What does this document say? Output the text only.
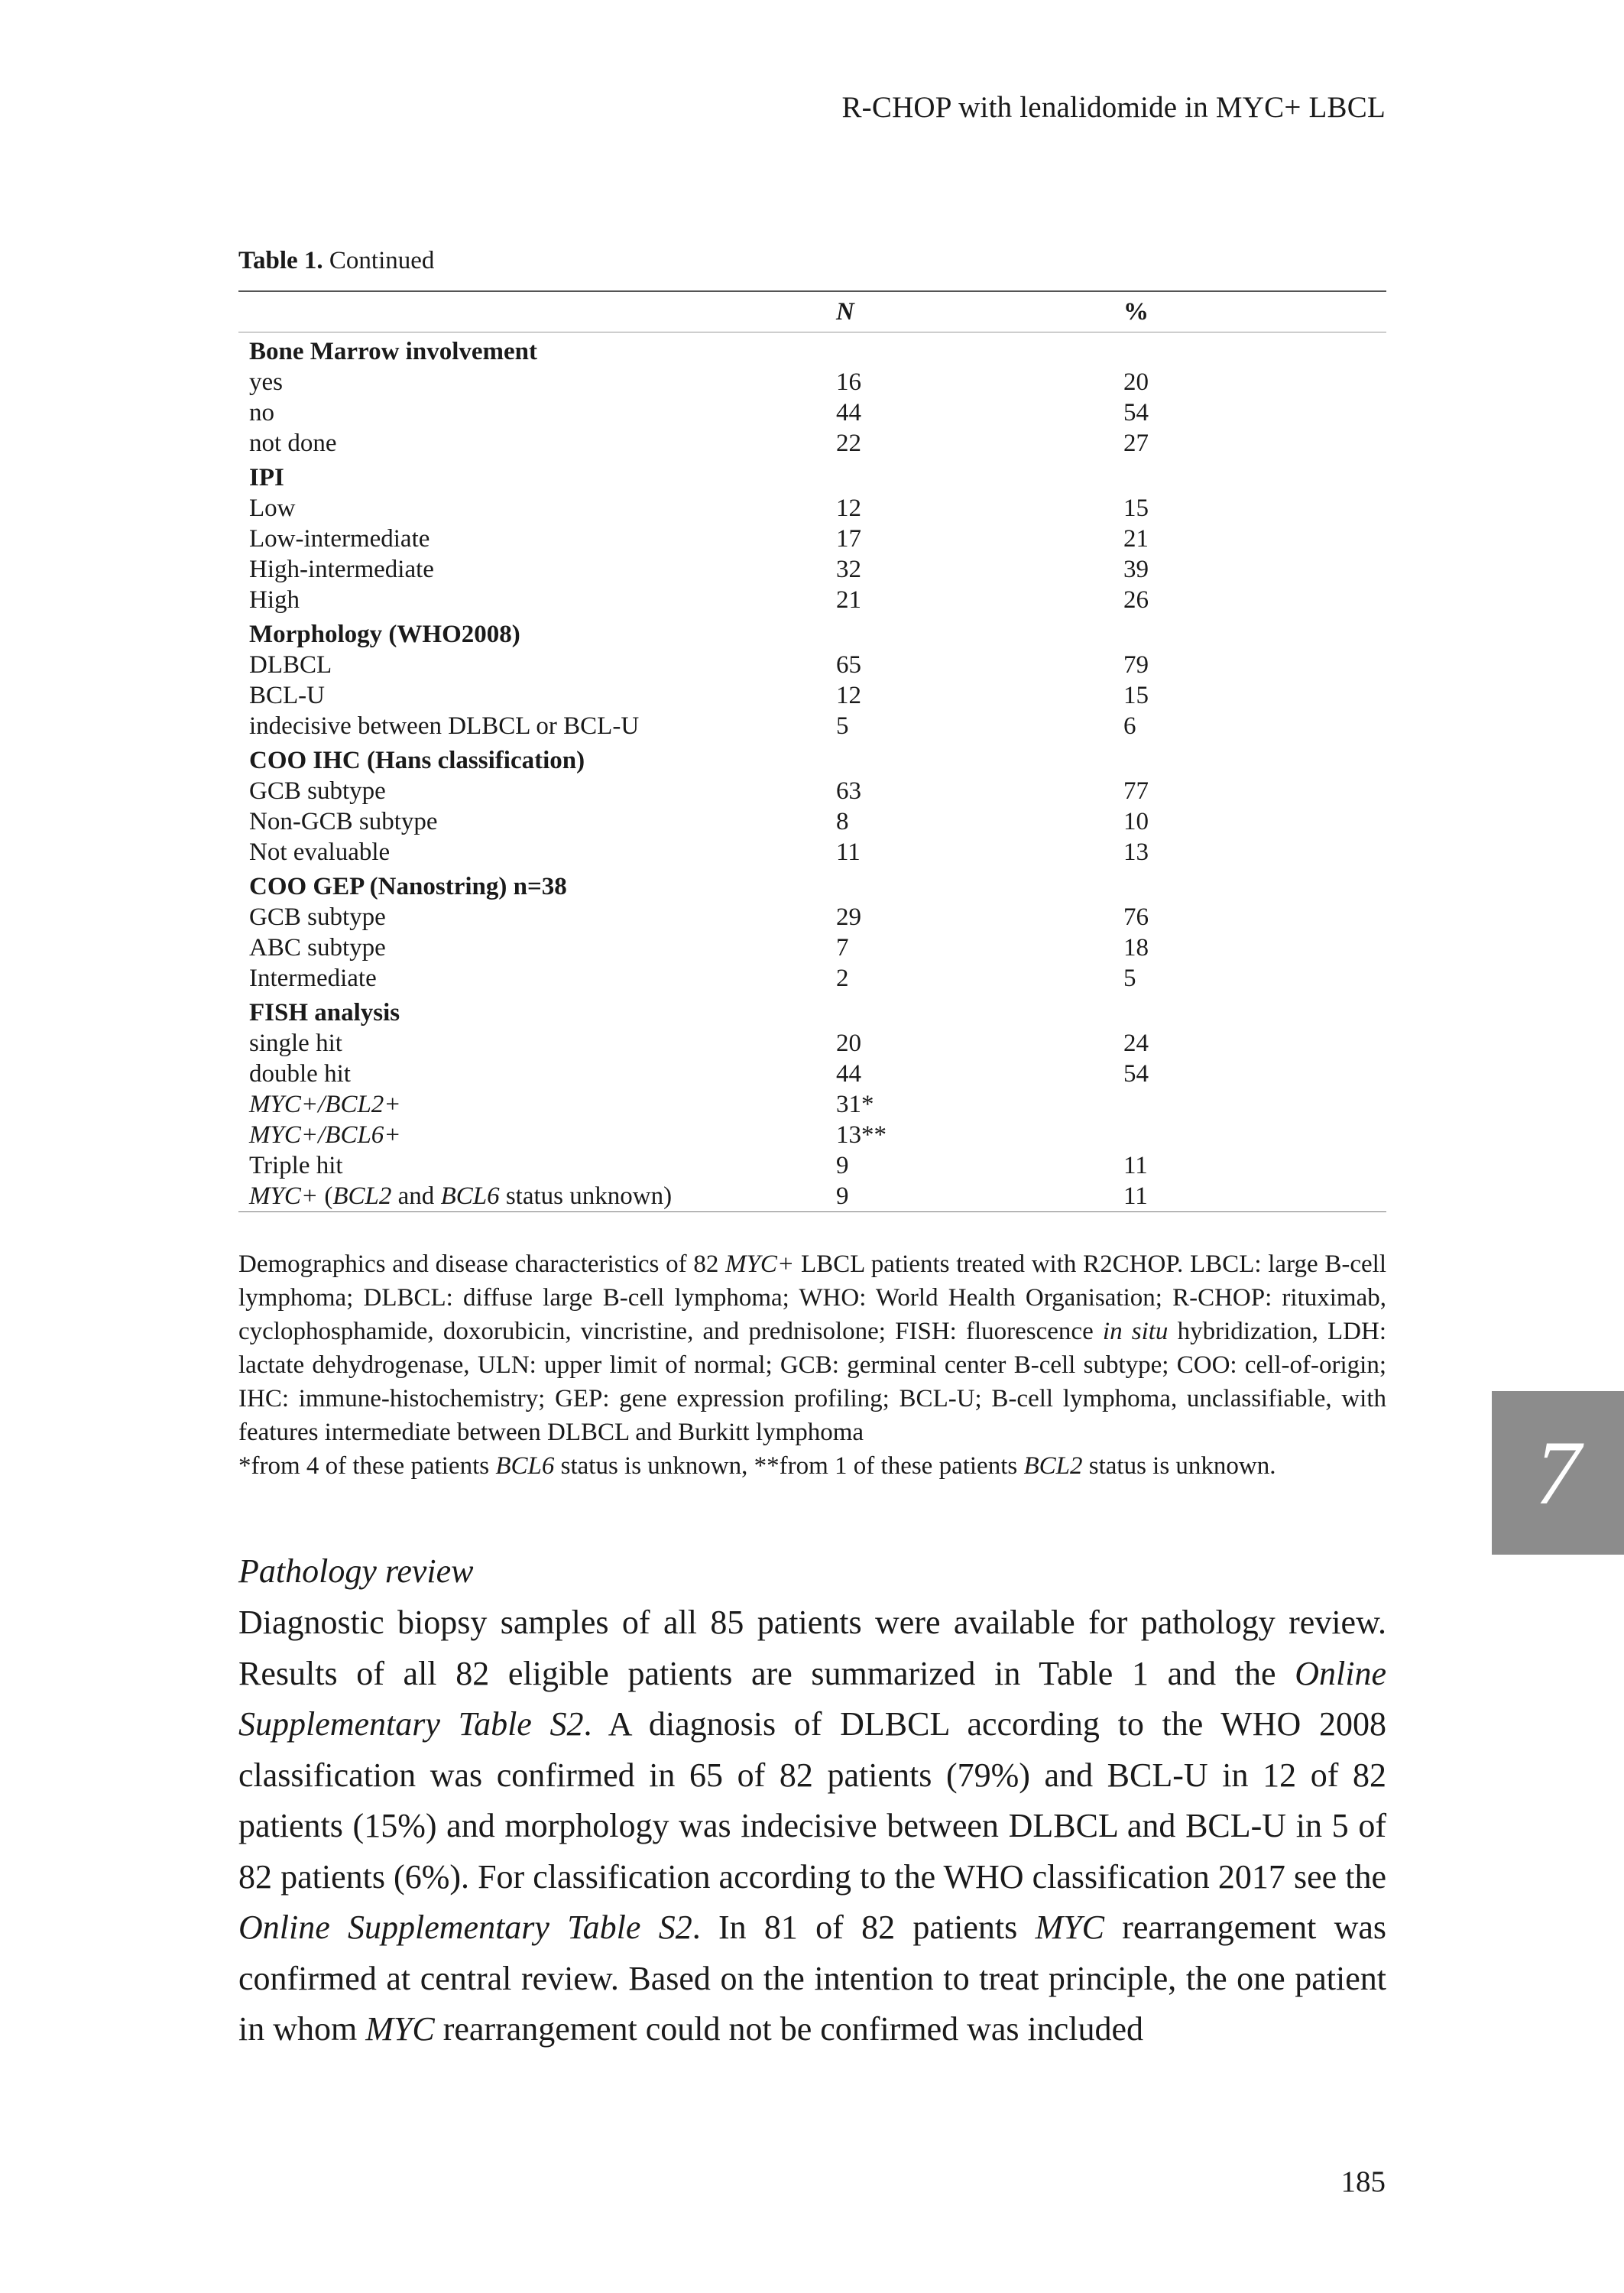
R-CHOP with lenalidomide in MYC+ LBCL
Table 1. Continued
	N	%
Bone Marrow involvement		
yes	16	20
no	44	54
not done	22	27
IPI		
Low	12	15
Low-intermediate	17	21
High-intermediate	32	39
High	21	26
Morphology (WHO2008)		
DLBCL	65	79
BCL-U	12	15
indecisive between DLBCL or BCL-U	5	6
COO IHC (Hans classification)		
GCB subtype	63	77
Non-GCB subtype	8	10
Not evaluable	11	13
COO GEP (Nanostring) n=38		
GCB subtype	29	76
ABC subtype	7	18
Intermediate	2	5
FISH analysis		
single hit	20	24
double hit	44	54
MYC+/BCL2+	31*	
MYC+/BCL6+	13**	
Triple hit	9	11
MYC+ (BCL2 and BCL6 status unknown)	9	11

Demographics and disease characteristics of 82 MYC+ LBCL patients treated with R2CHOP. LBCL: large B-cell lymphoma; DLBCL: diffuse large B-cell lymphoma; WHO: World Health Organisation; R-CHOP: rituximab, cyclophosphamide, doxorubicin, vincristine, and prednisolone; FISH: fluorescence in situ hybridization, LDH: lactate dehydrogenase, ULN: upper limit of normal; GCB: germinal center B-cell subtype; COO: cell-of-origin; IHC: immune-histochemistry; GEP: gene expression profiling; BCL-U; B-cell lymphoma, unclassifiable, with features intermediate between DLBCL and Burkitt lymphoma

*from 4 of these patients BCL6 status is unknown, **from 1 of these patients BCL2 status is unknown.

Pathology review
Diagnostic biopsy samples of all 85 patients were available for pathology review. Results of all 82 eligible patients are summarized in Table 1 and the Online Supplementary Table S2. A diagnosis of DLBCL according to the WHO 2008 classification was confirmed in 65 of 82 patients (79%) and BCL-U in 12 of 82 patients (15%) and morphology was indecisive between DLBCL and BCL-U in 5 of 82 patients (6%). For classification according to the WHO classification 2017 see the Online Supplementary Table S2. In 81 of 82 patients MYC rearrangement was confirmed at central review. Based on the intention to treat principle, the one patient in whom MYC rearrangement could not be confirmed was included
7
185
